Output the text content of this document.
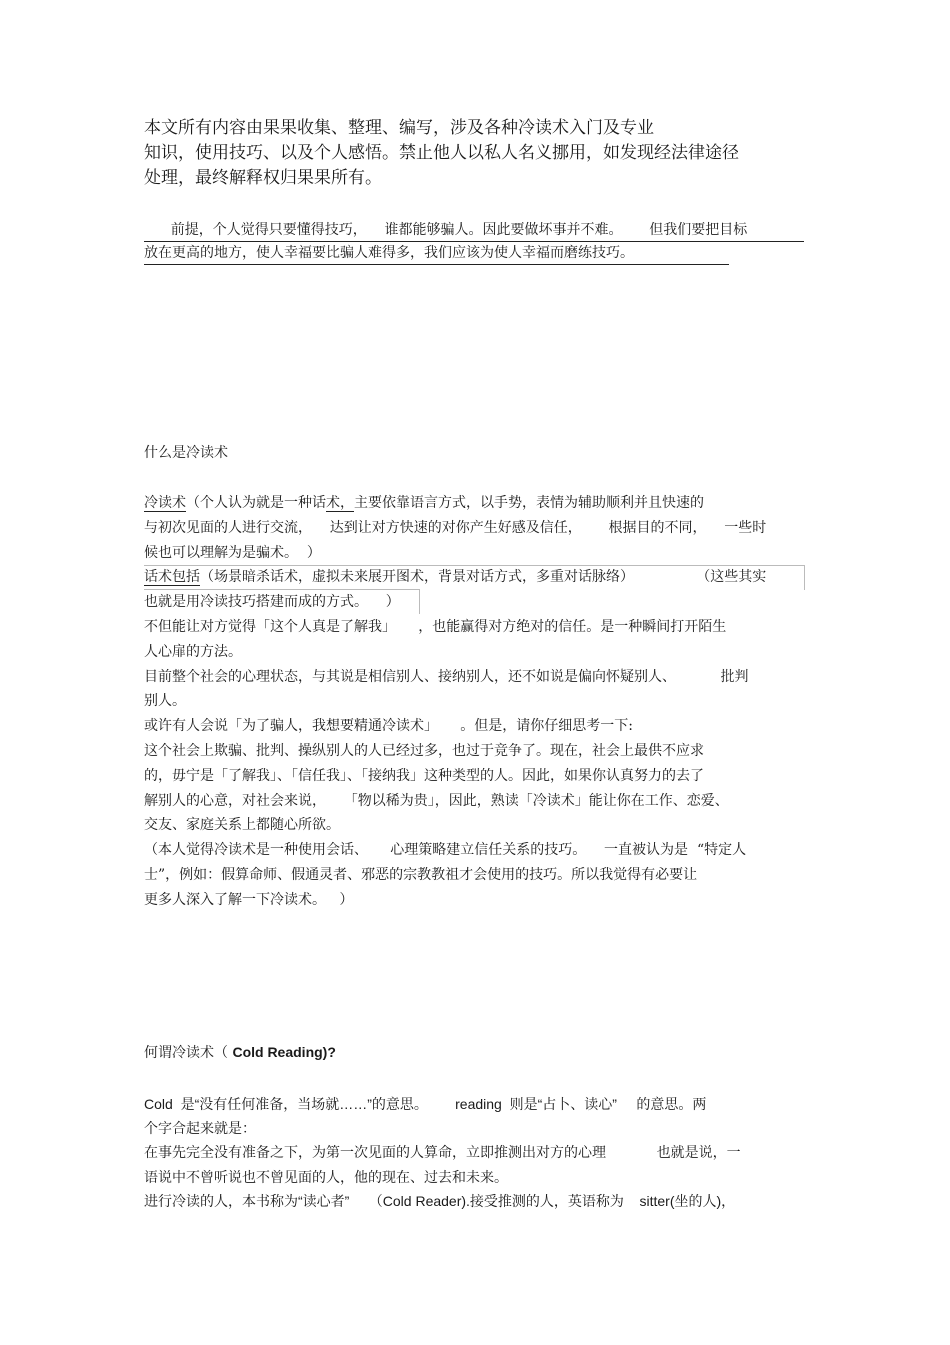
本文所有内容由果果收集、整理、编写，涉及各种冷读术入门及专业
知识，使用技巧、以及个人感悟。禁止他人以私人名义挪用，如发现经法律途径
处理，最终解释权归果果所有。
前提，个人觉得只要懂得技巧，    谁都能够骗人。因此要做坏事并不难。      但我们要把目标
放在更高的地方，使人幸福要比骗人难得多，我们应该为使人幸福而磨练技巧。
什么是冷读术
冷读术（个人认为就是一种话术，主要依靠语言方式，以手势，表情为辅助顺利并且快速的
与初次见面的人进行交流，    达到让对方快速的对你产生好感及信任，      根据目的不同，    一些时
候也可以理解为是骗术。  ）
话术包括（场景暗杀话术，虚拟未来展开图术，背景对话方式，多重对话脉络）              （这些其实
也就是用冷读技巧搭建而成的方式。    ）
不但能让对方觉得「这个人真是了解我」     ，也能赢得对方绝对的信任。是一种瞬间打开陌生
人心扉的方法。
目前整个社会的心理状态，与其说是相信别人、接纳别人，还不如说是偏向怀疑别人、          批判
别人。
或许有人会说「为了骗人，我想要精通冷读术」     。但是，请你仔细思考一下:
这个社会上欺骗、批判、操纵别人的人已经过多，也过于竞争了。现在，社会上最供不应求
的，毋宁是「了解我」、「信任我」、「接纳我」这种类型的人。因此，如果你认真努力的去了
解别人的心意，对社会来说，    「物以稀为贵」，因此，熟读「冷读术」能让你在工作、恋爱、
交友、家庭关系上都随心所欲。
（本人觉得冷读术是一种使用会话、     心理策略建立信任关系的技巧。    一直被认为是  “特定人
士”，例如：假算命师、假通灵者、邪恶的宗教教祖才会使用的技巧。所以我觉得有必要让
更多人深入了解一下冷读术。   ）
何谓冷读术（ Cold Reading)?
Cold  是“没有任何准备，当场就……”的意思。       reading  则是“占卜、读心”     的意思。两
个字合起来就是：
在事先完全没有准备之下，为第一次见面的人算命，立即推测出对方的心理             也就是说，一
语说中不曾听说也不曾见面的人，他的现在、过去和未来。
进行冷读的人，本书称为“读心者”     （Cold Reader).接受推测的人，英语称为    sitter(坐的人)，
